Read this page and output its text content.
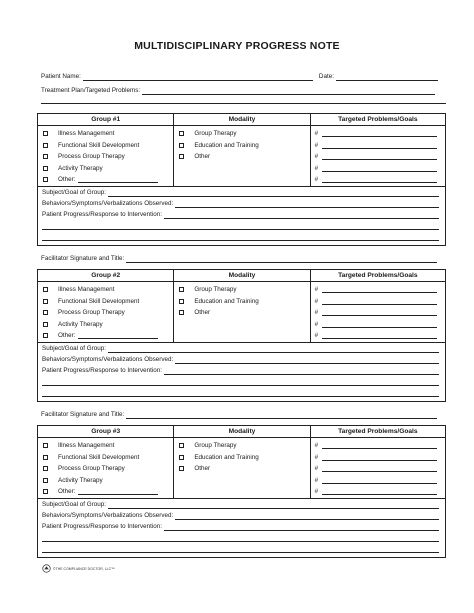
MULTIDISCIPLINARY PROGRESS NOTE
Patient Name:	Date:
Treatment Plan/Targeted Problems:
Group #1
Illness Management
Functional Skill Development
Process Group Therapy
Activity Therapy
Other:
Modality
Group Therapy
Education and Training
Other
Targeted Problems/Goals
#
#
#
#
#
Subject/Goal of Group:
Behaviors/Symptoms/Verbalizations Observed:
Patient Progress/Response to Intervention:
Facilitator Signature and Title:
Group #2
Illness Management
Functional Skill Development
Process Group Therapy
Activity Therapy
Other:
Modality
Group Therapy
Education and Training
Other
Targeted Problems/Goals
#
#
#
#
#
Subject/Goal of Group:
Behaviors/Symptoms/Verbalizations Observed:
Patient Progress/Response to Intervention:
Facilitator Signature and Title:
Group #3
Illness Management
Functional Skill Development
Process Group Therapy
Activity Therapy
Other:
Modality
Group Therapy
Education and Training
Other
Targeted Problems/Goals
#
#
#
#
#
Subject/Goal of Group:
Behaviors/Symptoms/Verbalizations Observed:
Patient Progress/Response to Intervention:
©THE COMPLIANCE DOCTOR, LLC™
